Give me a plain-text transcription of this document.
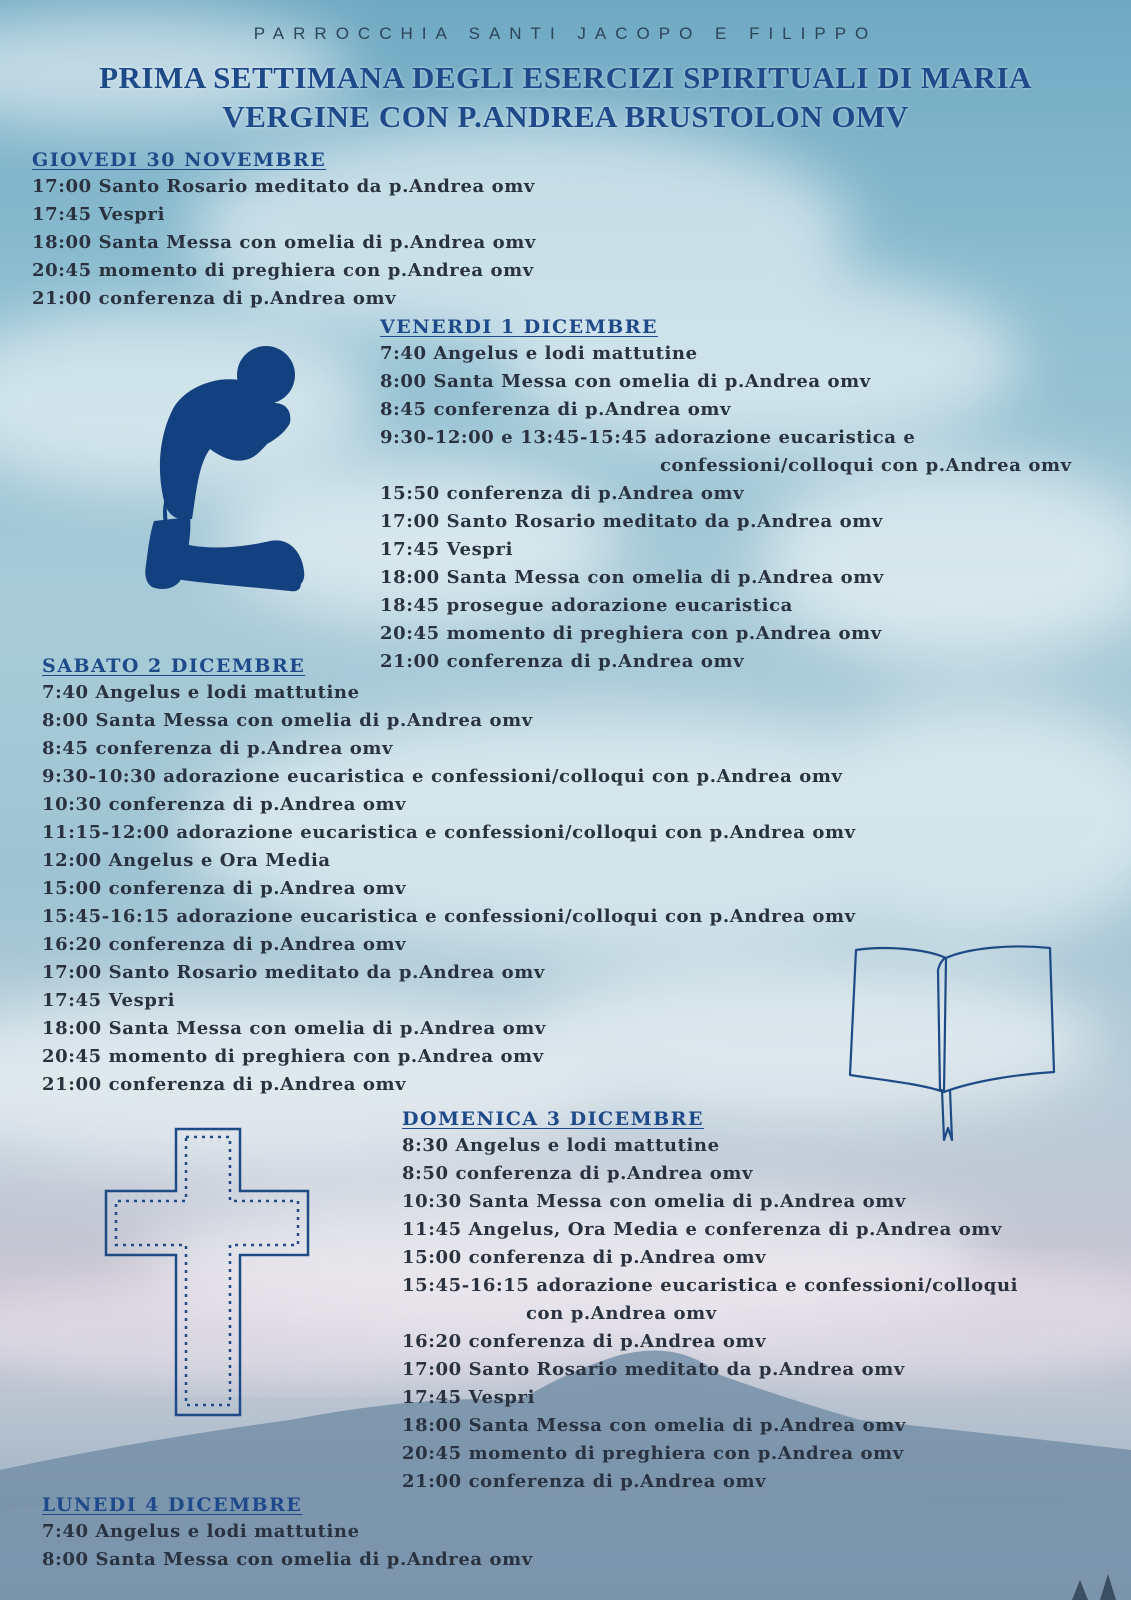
PARROCCHIA SANTI JACOPO E FILIPPO
PRIMA SETTIMANA DEGLI ESERCIZI SPIRITUALI DI MARIA VERGINE CON P.ANDREA BRUSTOLON OMV
GIOVEDI 30 NOVEMBRE
17:00 Santo Rosario meditato da p.Andrea omv
17:45 Vespri
18:00 Santa Messa con omelia di p.Andrea omv
20:45 momento di preghiera con p.Andrea omv
21:00 conferenza di p.Andrea omv
VENERDI 1 DICEMBRE
7:40 Angelus e lodi mattutine
8:00 Santa Messa con omelia di p.Andrea omv
8:45 conferenza di p.Andrea omv
9:30-12:00 e 13:45-15:45 adorazione eucaristica e
confessioni/colloqui con p.Andrea omv
15:50 conferenza di p.Andrea omv
17:00 Santo Rosario meditato da p.Andrea omv
17:45 Vespri
18:00 Santa Messa con omelia di p.Andrea omv
18:45 prosegue adorazione eucaristica
20:45 momento di preghiera con p.Andrea omv
21:00 conferenza di p.Andrea omv
SABATO 2 DICEMBRE
7:40 Angelus e lodi mattutine
8:00 Santa Messa con omelia di p.Andrea omv
8:45 conferenza di p.Andrea omv
9:30-10:30 adorazione eucaristica e confessioni/colloqui con p.Andrea omv
10:30 conferenza di p.Andrea omv
11:15-12:00 adorazione eucaristica e confessioni/colloqui con p.Andrea omv
12:00 Angelus e Ora Media
15:00 conferenza di p.Andrea omv
15:45-16:15 adorazione eucaristica e confessioni/colloqui con p.Andrea omv
16:20 conferenza di p.Andrea omv
17:00 Santo Rosario meditato da p.Andrea omv
17:45 Vespri
18:00 Santa Messa con omelia di p.Andrea omv
20:45 momento di preghiera con p.Andrea omv
21:00 conferenza di p.Andrea omv
DOMENICA 3 DICEMBRE
8:30 Angelus e lodi mattutine
8:50 conferenza di p.Andrea omv
10:30 Santa Messa con omelia di p.Andrea omv
11:45 Angelus, Ora Media e conferenza di p.Andrea omv
15:00 conferenza di p.Andrea omv
15:45-16:15 adorazione eucaristica e confessioni/colloqui
con p.Andrea omv
16:20 conferenza di p.Andrea omv
17:00 Santo Rosario meditato da p.Andrea omv
17:45 Vespri
18:00 Santa Messa con omelia di p.Andrea omv
20:45 momento di preghiera con p.Andrea omv
21:00 conferenza di p.Andrea omv
LUNEDI 4 DICEMBRE
7:40 Angelus e lodi mattutine
8:00 Santa Messa con omelia di p.Andrea omv
